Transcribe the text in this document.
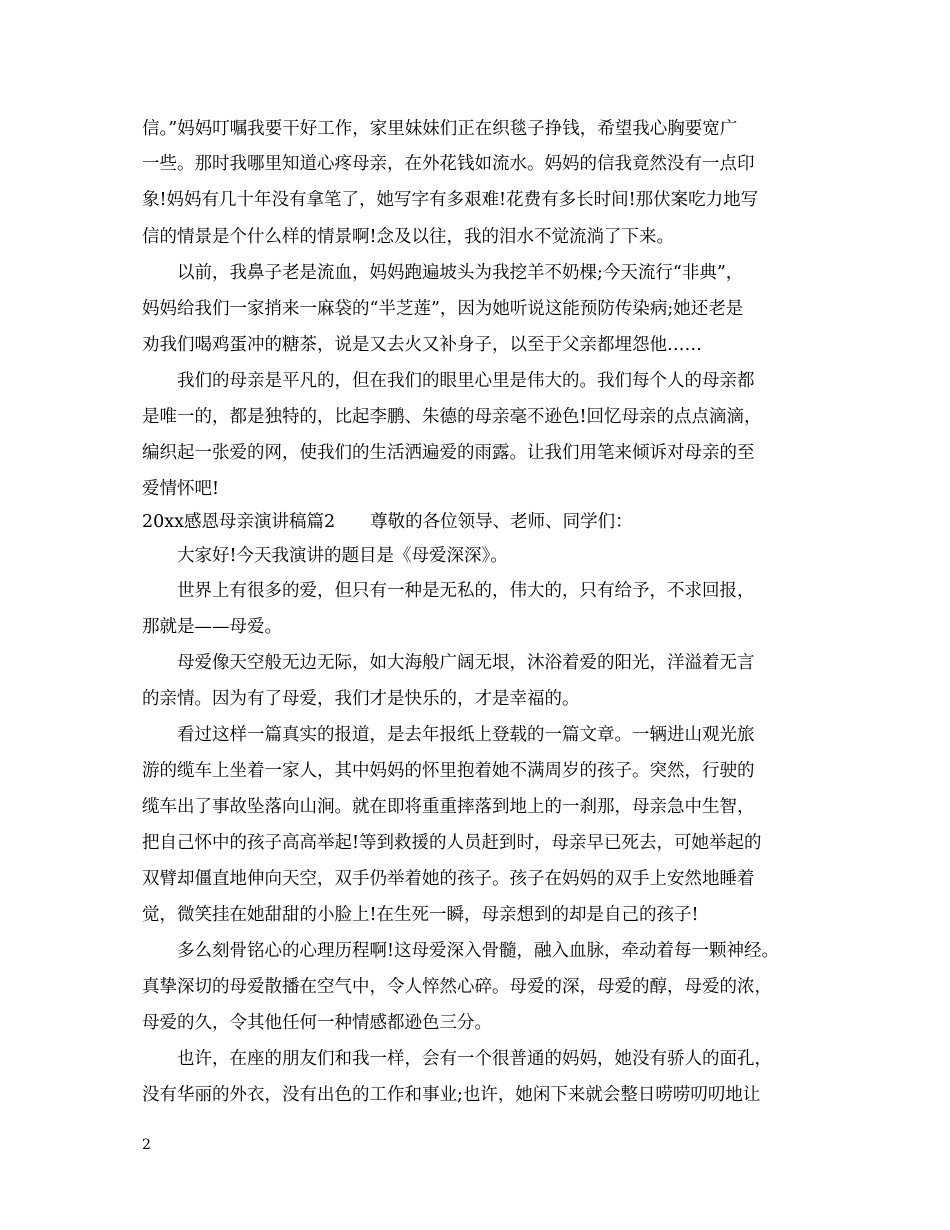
信。”妈妈叮嘱我要干好工作，家里妹妹们正在织毯子挣钱，希望我心胸要宽广
一些。那时我哪里知道心疼母亲，在外花钱如流水。妈妈的信我竟然没有一点印
象!妈妈有几十年没有拿笔了，她写字有多艰难!花费有多长时间!那伏案吃力地写
信的情景是个什么样的情景啊!念及以往，我的泪水不觉流淌了下来。
以前，我鼻子老是流血，妈妈跑遍坡头为我挖羊不奶棵;今天流行“非典”，
妈妈给我们一家捎来一麻袋的“半芝莲”，因为她听说这能预防传染病;她还老是
劝我们喝鸡蛋冲的糖茶，说是又去火又补身子，以至于父亲都埋怨他……
我们的母亲是平凡的，但在我们的眼里心里是伟大的。我们每个人的母亲都
是唯一的，都是独特的，比起李鹏、朱德的母亲毫不逊色!回忆母亲的点点滴滴，
编织起一张爱的网，使我们的生活洒遍爱的雨露。让我们用笔来倾诉对母亲的至
爱情怀吧!
20xx感恩母亲演讲稿篇2　　尊敬的各位领导、老师、同学们：
大家好!今天我演讲的题目是《母爱深深》。
世界上有很多的爱，但只有一种是无私的，伟大的，只有给予，不求回报，
那就是——母爱。
母爱像天空般无边无际，如大海般广阔无垠，沐浴着爱的阳光，洋溢着无言
的亲情。因为有了母爱，我们才是快乐的，才是幸福的。
看过这样一篇真实的报道，是去年报纸上登载的一篇文章。一辆进山观光旅
游的缆车上坐着一家人，其中妈妈的怀里抱着她不满周岁的孩子。突然，行驶的
缆车出了事故坠落向山涧。就在即将重重摔落到地上的一刹那，母亲急中生智，
把自己怀中的孩子高高举起!等到救援的人员赶到时，母亲早已死去，可她举起的
双臂却僵直地伸向天空，双手仍举着她的孩子。孩子在妈妈的双手上安然地睡着
觉，微笑挂在她甜甜的小脸上!在生死一瞬，母亲想到的却是自己的孩子!
多么刻骨铭心的心理历程啊!这母爱深入骨髓，融入血脉，牵动着每一颗神经。
真挚深切的母爱散播在空气中，令人悴然心碎。母爱的深，母爱的醇，母爱的浓，
母爱的久，令其他任何一种情感都逊色三分。
也许，在座的朋友们和我一样，会有一个很普通的妈妈，她没有骄人的面孔，
没有华丽的外衣，没有出色的工作和事业;也许，她闲下来就会整日唠唠叨叨地让
2
